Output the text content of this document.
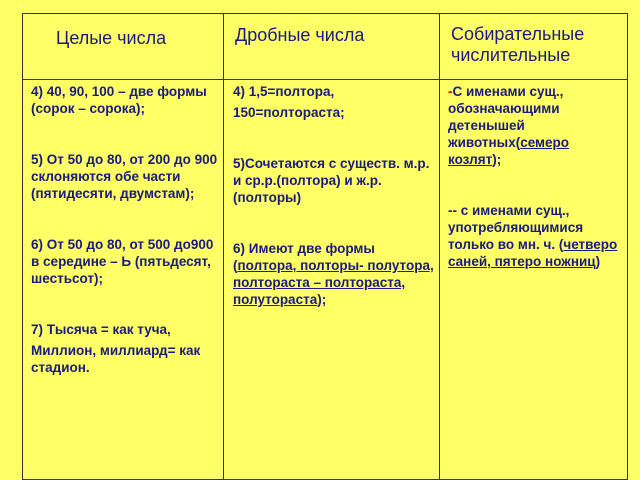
Целые числа	Дробные числа	Собирательные числительные

4) 40, 90, 100 – две формы (сорок – сорока);

5) От 50 до 80, от 200 до 900 склоняются обе части (пятидесяти, двумстам);

6) От 50 до 80, от 500 до900 в середине – Ь (пятьдесят, шестьсот);

7) Тысяча = как туча,

Миллион, миллиард= как стадион.

4) 1,5=полтора,

150=полтораста;

5)Сочетаются с существ. м.р. и ср.р.(полтора) и ж.р.(полторы)

6) Имеют две формы (полтора, полторы- полутора, полтораста – полтораста, полутораста);

-С именами сущ., обозначающими детенышей животных(семеро козлят);

-- с именами сущ., употребляющимися только во мн. ч. (четверо саней, пятеро ножниц)
